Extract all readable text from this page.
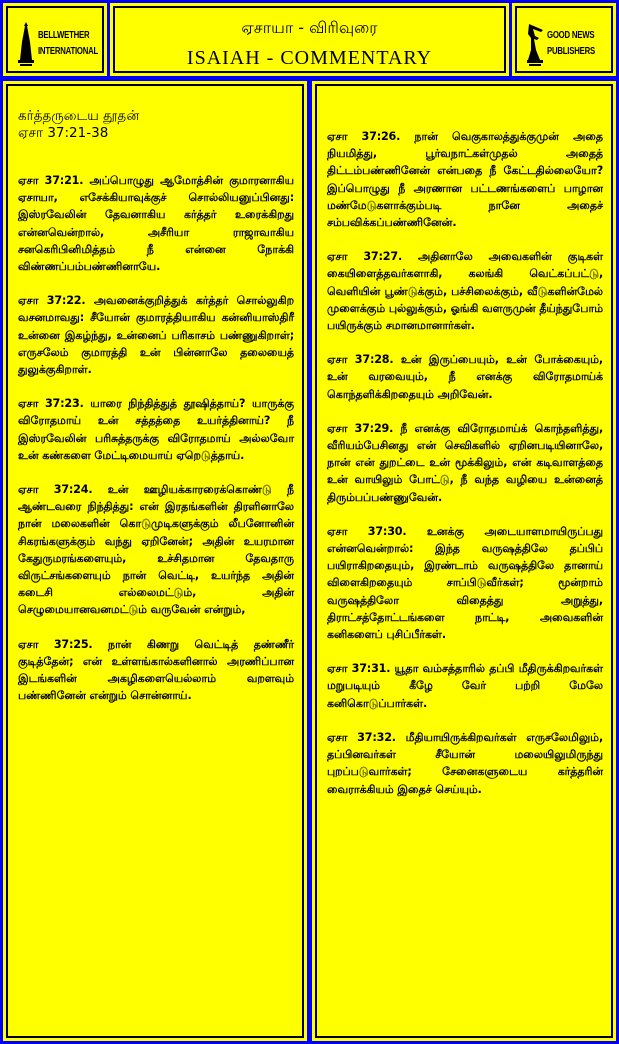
BELLWETHER
INTERNATIONAL
ஏசாயா - விரிவுரை
ISAIAH - COMMENTARY
GOOD NEWS
PUBLISHERS
கர்த்தருடைய தூதன்
ஏசா 37:21-38

ஏசா 37:21. அப்பொழுது ஆமோத்சின் குமாரனாகிய ஏசாயா, எசேக்கியாவுக்குச் சொல்லியனுப்பினது: இஸ்ரவேலின் தேவனாகிய கர்த்தர் உரைக்கிறது என்னவென்றால், அசீரியா ராஜாவாகிய சனகெரிபினிமித்தம் நீ என்னை நோக்கி விண்ணப்பம்பண்ணினாயே.

ஏசா 37:22. அவனைக்குறித்துக் கர்த்தர் சொல்லுகிற வசனமாவது: சீயோன் குமாரத்தியாகிய கன்னியாஸ்திரீ உன்னை இகழ்ந்து, உன்னைப் பரிகாசம் பண்ணுகிறாள்; எருசலேம் குமாரத்தி உன் பின்னாலே தலையைத் துலுக்குகிறாள்.

ஏசா 37:23. யாரை நிந்தித்துத் தூஷித்தாய்? யாருக்கு விரோதமாய் உன் சத்தத்தை உயர்த்தினாய்? நீ இஸ்ரவேலின் பரிசுத்தருக்கு விரோதமாய் அல்லவோ உன் கண்களை மேட்டிமையாய் ஏறெடுத்தாய்.

ஏசா 37:24. உன் ஊழியக்காரரைக்கொண்டு நீ ஆண்டவரை நிந்தித்து: என் இரதங்களின் திரளினாலே நான் மலைகளின் கொடுமுடிகளுக்கும் லீபனோனின் சிகரங்களுக்கும் வந்து ஏறினேன்; அதின் உயரமான கேதுருமரங்களையும், உச்சிதமான தேவதாரு விருட்சங்களையும் நான் வெட்டி, உயர்ந்த அதின் கடைசி எல்லைமட்டும், அதின் செழுமையானவனமட்டும் வருவேன் என்றும்,

ஏசா 37:25. நான் கிணறு வெட்டித் தண்ணீர் குடித்தேன்; என் உள்ளங்கால்களினால் அரணிப்பான இடங்களின் அகழிகளையெல்லாம் வறளவும் பண்ணினேன் என்றும் சொன்னாய்.

ஏசா 37:26. நான் வெகுகாலத்துக்குமுன் அதை நியமித்து, பூர்வநாட்கள்முதல் அதைத் திட்டம்பண்ணினேன் என்பதை நீ கேட்டதில்லையோ? இப்பொழுது நீ அரணான பட்டணங்களைப் பாழான மண்மேடுகளாக்கும்படி நானே அதைச் சம்பவிக்கப்பண்ணினேன்.

ஏசா 37:27. அதினாலே அவைகளின் குடிகள் கையிளைத்தவர்களாகி, கலங்கி வெட்கப்பட்டு, வெளியின் பூண்டுக்கும், பச்சிலைக்கும், வீடுகளின்மேல் முளைக்கும் புல்லுக்கும், ஓங்கி வளருமுன் தீய்ந்துபோம் பயிருக்கும் சமானமானார்கள்.

ஏசா 37:28. உன் இருப்பையும், உன் போக்கையும், உன் வரவையும், நீ எனக்கு விரோதமாய்க் கொந்தளிக்கிறதையும் அறிவேன்.

ஏசா 37:29. நீ எனக்கு விரோதமாய்க் கொந்தளித்து, வீரியம்பேசினது என் செவிகளில் ஏறினபடியினாலே, நான் என் துறட்டை உன் மூக்கிலும், என் கடிவாளத்தை உன் வாயிலும் போட்டு, நீ வந்த வழியை உன்னைத் திரும்பப்பண்ணுவேன்.

ஏசா 37:30. உனக்கு அடையாளமாயிருப்பது என்னவென்றால்: இந்த வருஷத்திலே தப்பிப் பயிராகிறதையும், இரண்டாம் வருஷத்திலே தானாய் விளைகிறதையும் சாப்பிடுவீர்கள்; மூன்றாம் வருஷத்திலோ விதைத்து அறுத்து, திராட்சத்தோட்டங்களை நாட்டி, அவைகளின் கனிகளைப் புசிப்பீர்கள்.

ஏசா 37:31. யூதா வம்சத்தாரில் தப்பி மீதிருக்கிறவர்கள் மறுபடியும் கீழே வேர் பற்றி மேலே கனிகொடுப்பார்கள்.

ஏசா 37:32. மீதியாயிருக்கிறவர்கள் எருசலேமிலும், தப்பினவர்கள் சீயோன் மலையிலுமிருந்து புறப்படுவார்கள்; சேனைகளுடைய கர்த்தரின் வைராக்கியம் இதைச் செய்யும்.
